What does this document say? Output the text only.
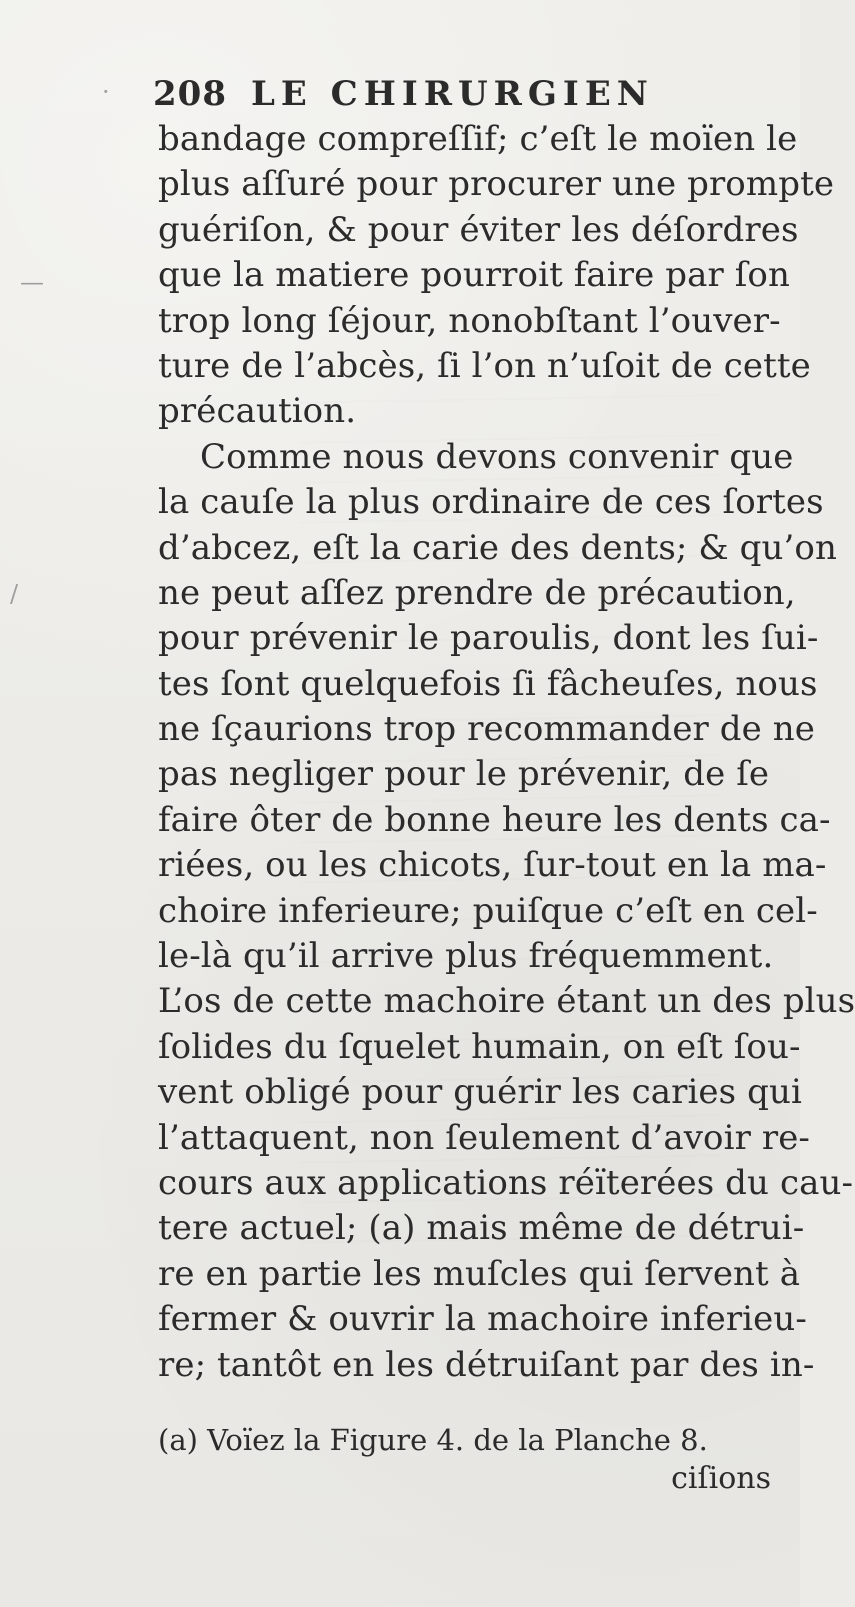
·
—
/
208 LE CHIRURGIEN
bandage compreſſif; c’eſt le moïen le
plus aſſuré pour procurer une prompte
guériſon, & pour éviter les déſordres
que la matiere pourroit faire par ſon
trop long ſéjour, nonobſtant l’ouver-
ture de l’abcès, ſi l’on n’uſoit de cette
précaution.
Comme nous devons convenir que
la cauſe la plus ordinaire de ces ſortes
d’abcez, eſt la carie des dents; & qu’on
ne peut aſſez prendre de précaution,
pour prévenir le paroulis, dont les ſui-
tes ſont quelquefois ſi fâcheuſes, nous
ne ſçaurions trop recommander de ne
pas negliger pour le prévenir, de ſe
faire ôter de bonne heure les dents ca-
riées, ou les chicots, ſur-tout en la ma-
choire inferieure; puiſque c’eſt en cel-
le-là qu’il arrive plus fréquemment.
L’os de cette machoire étant un des plus
ſolides du ſquelet humain, on eſt ſou-
vent obligé pour guérir les caries qui
l’attaquent, non ſeulement d’avoir re-
cours aux applications réïterées du cau-
tere actuel; (a) mais même de détrui-
re en partie les muſcles qui ſervent à
fermer & ouvrir la machoire inferieu-
re; tantôt en les détruiſant par des in-
(a) Voïez la Figure 4. de la Planche 8.
ciſions
